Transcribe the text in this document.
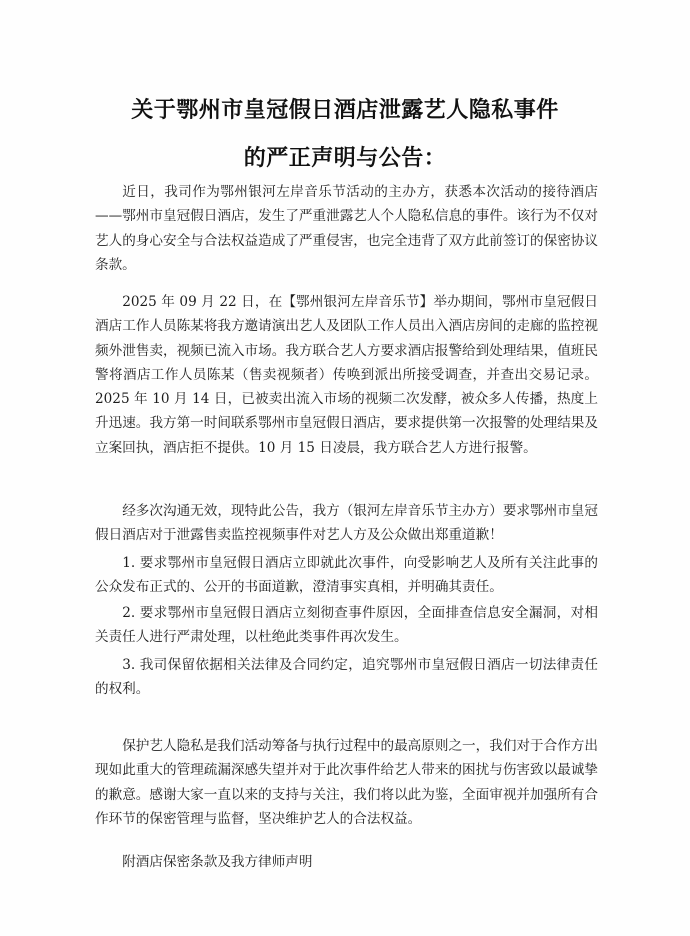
关于鄂州市皇冠假日酒店泄露艺人隐私事件
的严正声明与公告：

近日，我司作为鄂州银河左岸音乐节活动的主办方，获悉本次活动的接待酒店——鄂州市皇冠假日酒店，发生了严重泄露艺人个人隐私信息的事件。该行为不仅对艺人的身心安全与合法权益造成了严重侵害，也完全违背了双方此前签订的保密协议条款。

2025 年 09 月 22 日，在【鄂州银河左岸音乐节】举办期间，鄂州市皇冠假日酒店工作人员陈某将我方邀请演出艺人及团队工作人员出入酒店房间的走廊的监控视频外泄售卖，视频已流入市场。我方联合艺人方要求酒店报警给到处理结果，值班民警将酒店工作人员陈某（售卖视频者）传唤到派出所接受调查，并查出交易记录。2025 年 10 月 14 日，已被卖出流入市场的视频二次发酵，被众多人传播，热度上升迅速。我方第一时间联系鄂州市皇冠假日酒店，要求提供第一次报警的处理结果及立案回执，酒店拒不提供。10 月 15 日凌晨，我方联合艺人方进行报警。

经多次沟通无效，现特此公告，我方（银河左岸音乐节主办方）要求鄂州市皇冠假日酒店对于泄露售卖监控视频事件对艺人方及公众做出郑重道歉！

1. 要求鄂州市皇冠假日酒店立即就此次事件，向受影响艺人及所有关注此事的公众发布正式的、公开的书面道歉，澄清事实真相，并明确其责任。

2. 要求鄂州市皇冠假日酒店立刻彻查事件原因，全面排查信息安全漏洞，对相关责任人进行严肃处理，以杜绝此类事件再次发生。

3. 我司保留依据相关法律及合同约定，追究鄂州市皇冠假日酒店一切法律责任的权利。

保护艺人隐私是我们活动筹备与执行过程中的最高原则之一，我们对于合作方出现如此重大的管理疏漏深感失望并对于此次事件给艺人带来的困扰与伤害致以最诚挚的歉意。感谢大家一直以来的支持与关注，我们将以此为鉴，全面审视并加强所有合作环节的保密管理与监督，坚决维护艺人的合法权益。

附酒店保密条款及我方律师声明
